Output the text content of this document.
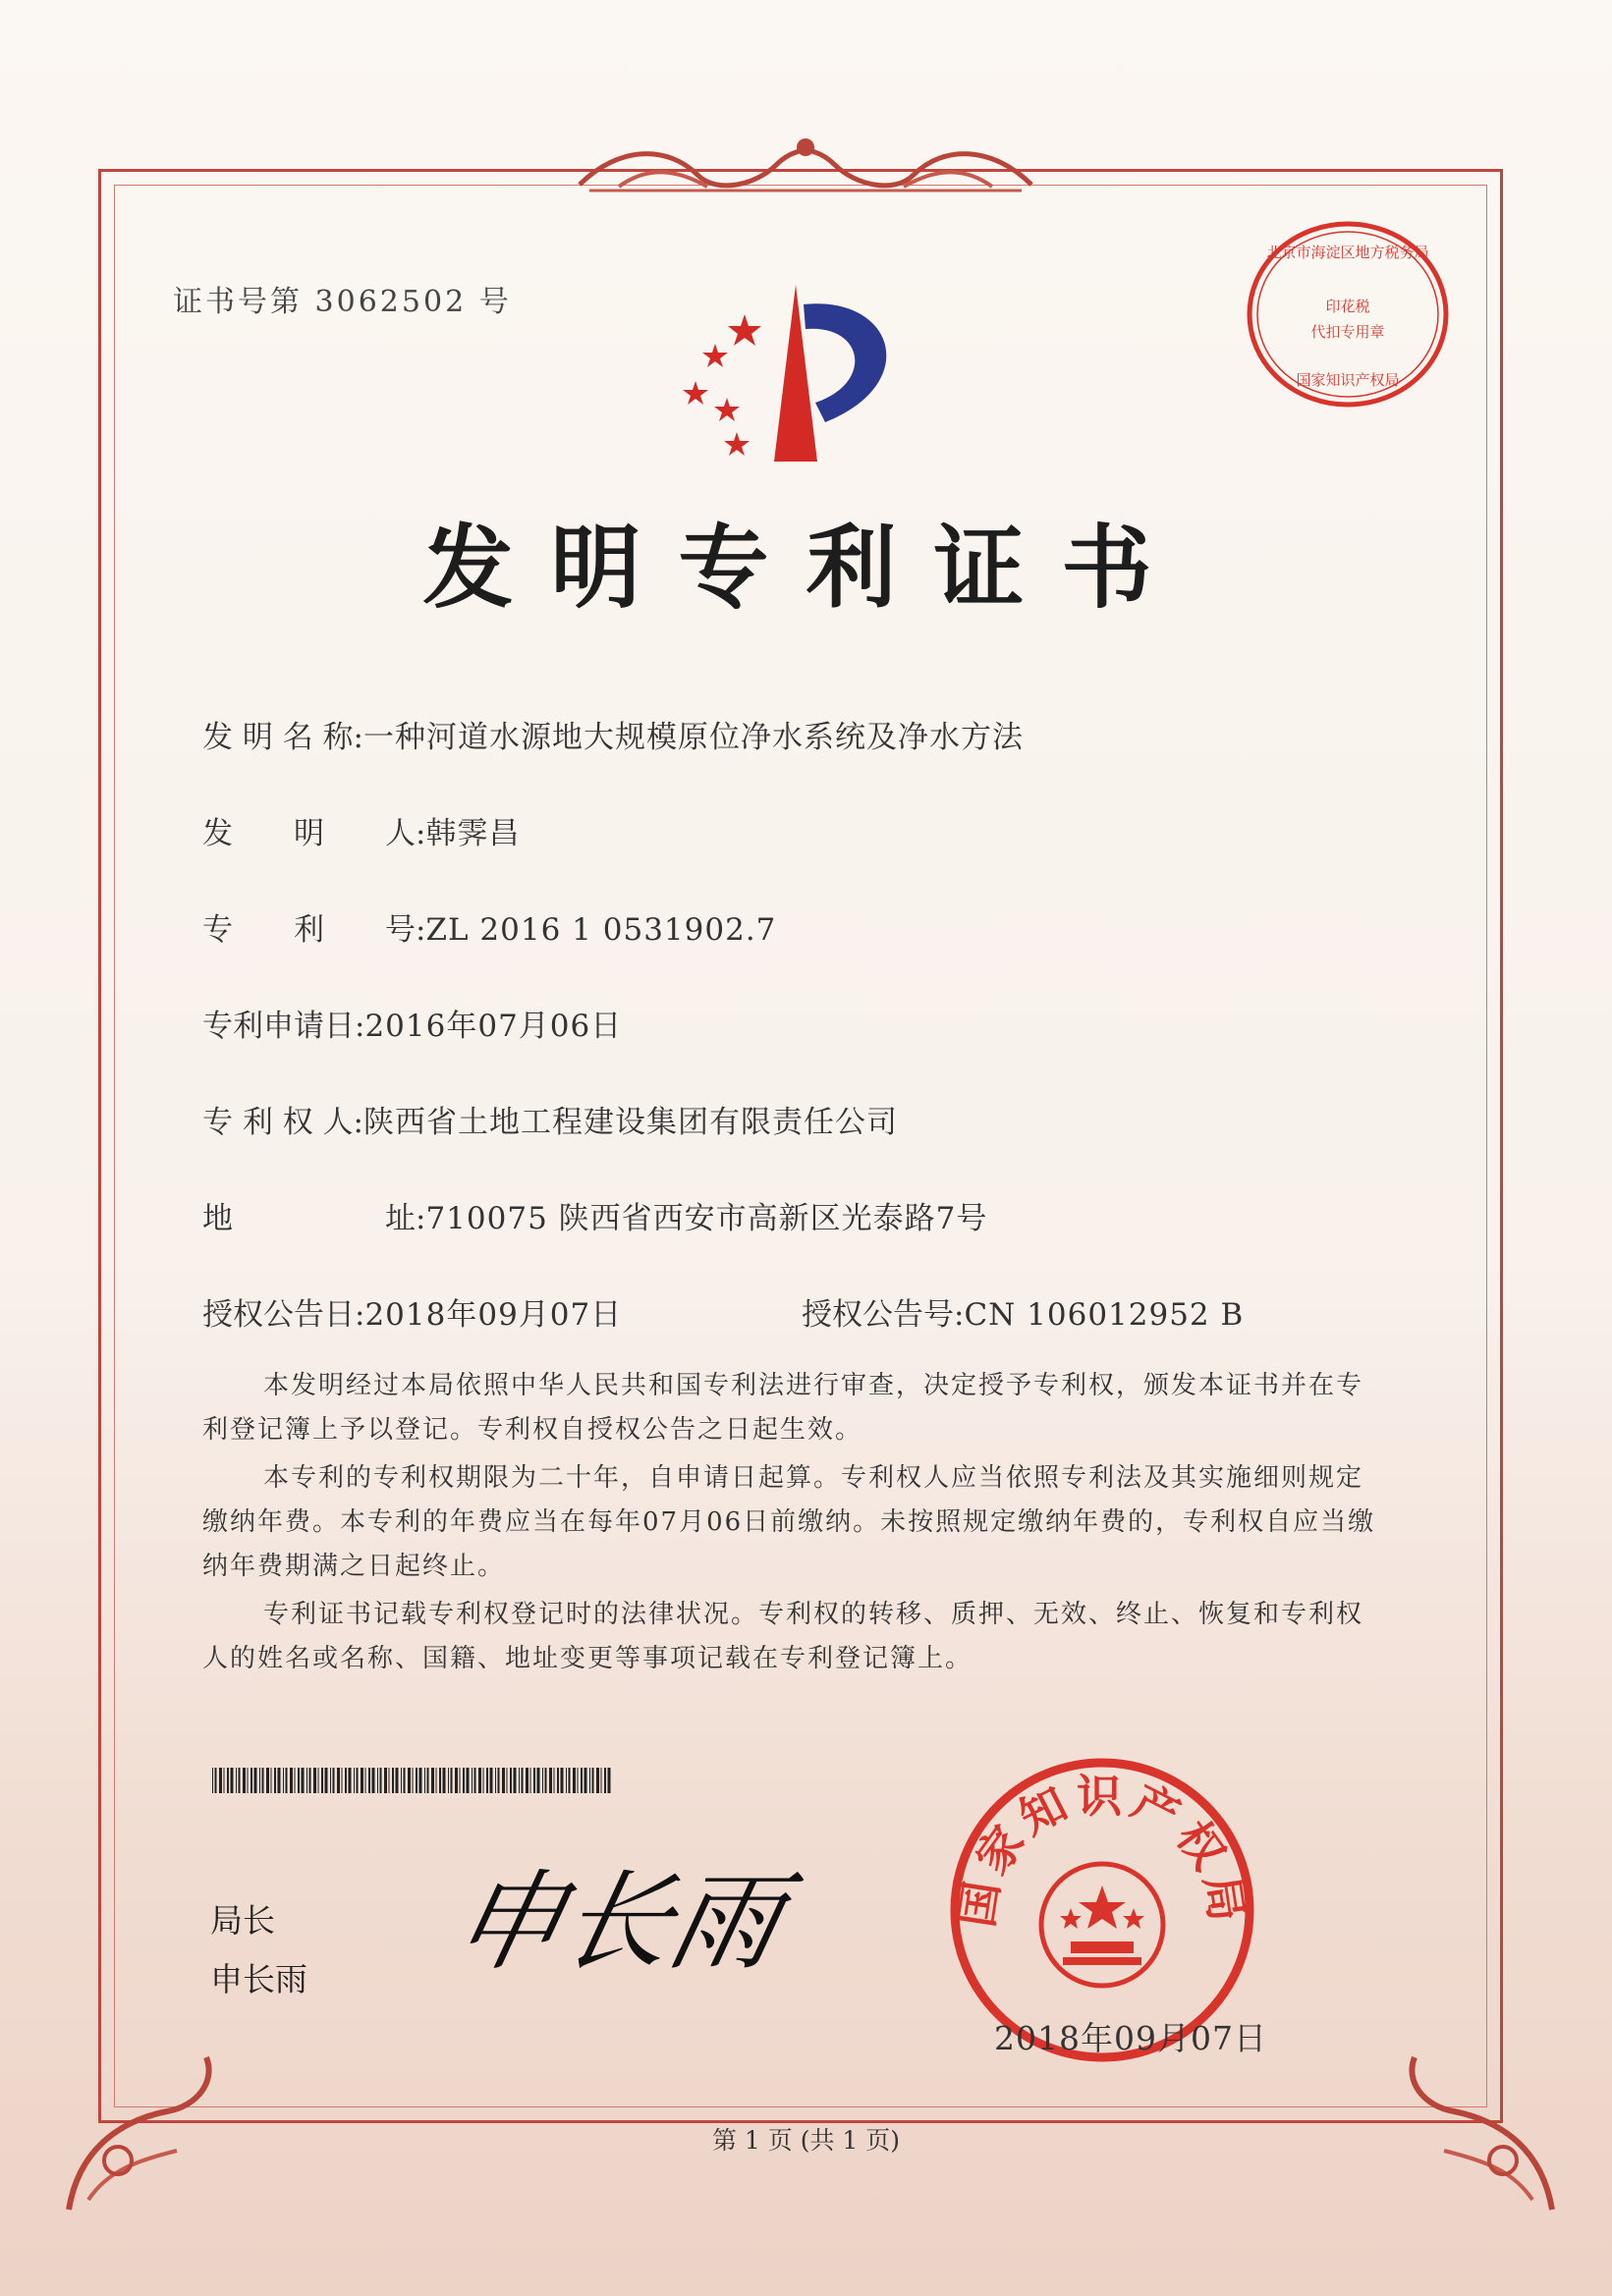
证书号第 3062502 号
北京市海淀区地方税务局
印花税
代扣专用章
国家知识产权局
发明专利证书
发 明 名 称:一种河道水源地大规模原位净水系统及净水方法
发　　明　　人:韩霁昌
专　　利　　号:ZL 2016 1 0531902.7
专利申请日:2016年07月06日
专 利 权 人:陕西省土地工程建设集团有限责任公司
地　　　　　址:710075 陕西省西安市高新区光泰路7号
授权公告日:2018年09月07日	授权公告号:CN 106012952 B
本发明经过本局依照中华人民共和国专利法进行审查，决定授予专利权，颁发本证书并在专利登记簿上予以登记。专利权自授权公告之日起生效。
本专利的专利权期限为二十年，自申请日起算。专利权人应当依照专利法及其实施细则规定缴纳年费。本专利的年费应当在每年07月06日前缴纳。未按照规定缴纳年费的，专利权自应当缴纳年费期满之日起终止。
专利证书记载专利权登记时的法律状况。专利权的转移、质押、无效、终止、恢复和专利权人的姓名或名称、国籍、地址变更等事项记载在专利登记簿上。
局长
申长雨 申长雨	国家知识产权局
2018年09月07日
第 1 页 (共 1 页)
